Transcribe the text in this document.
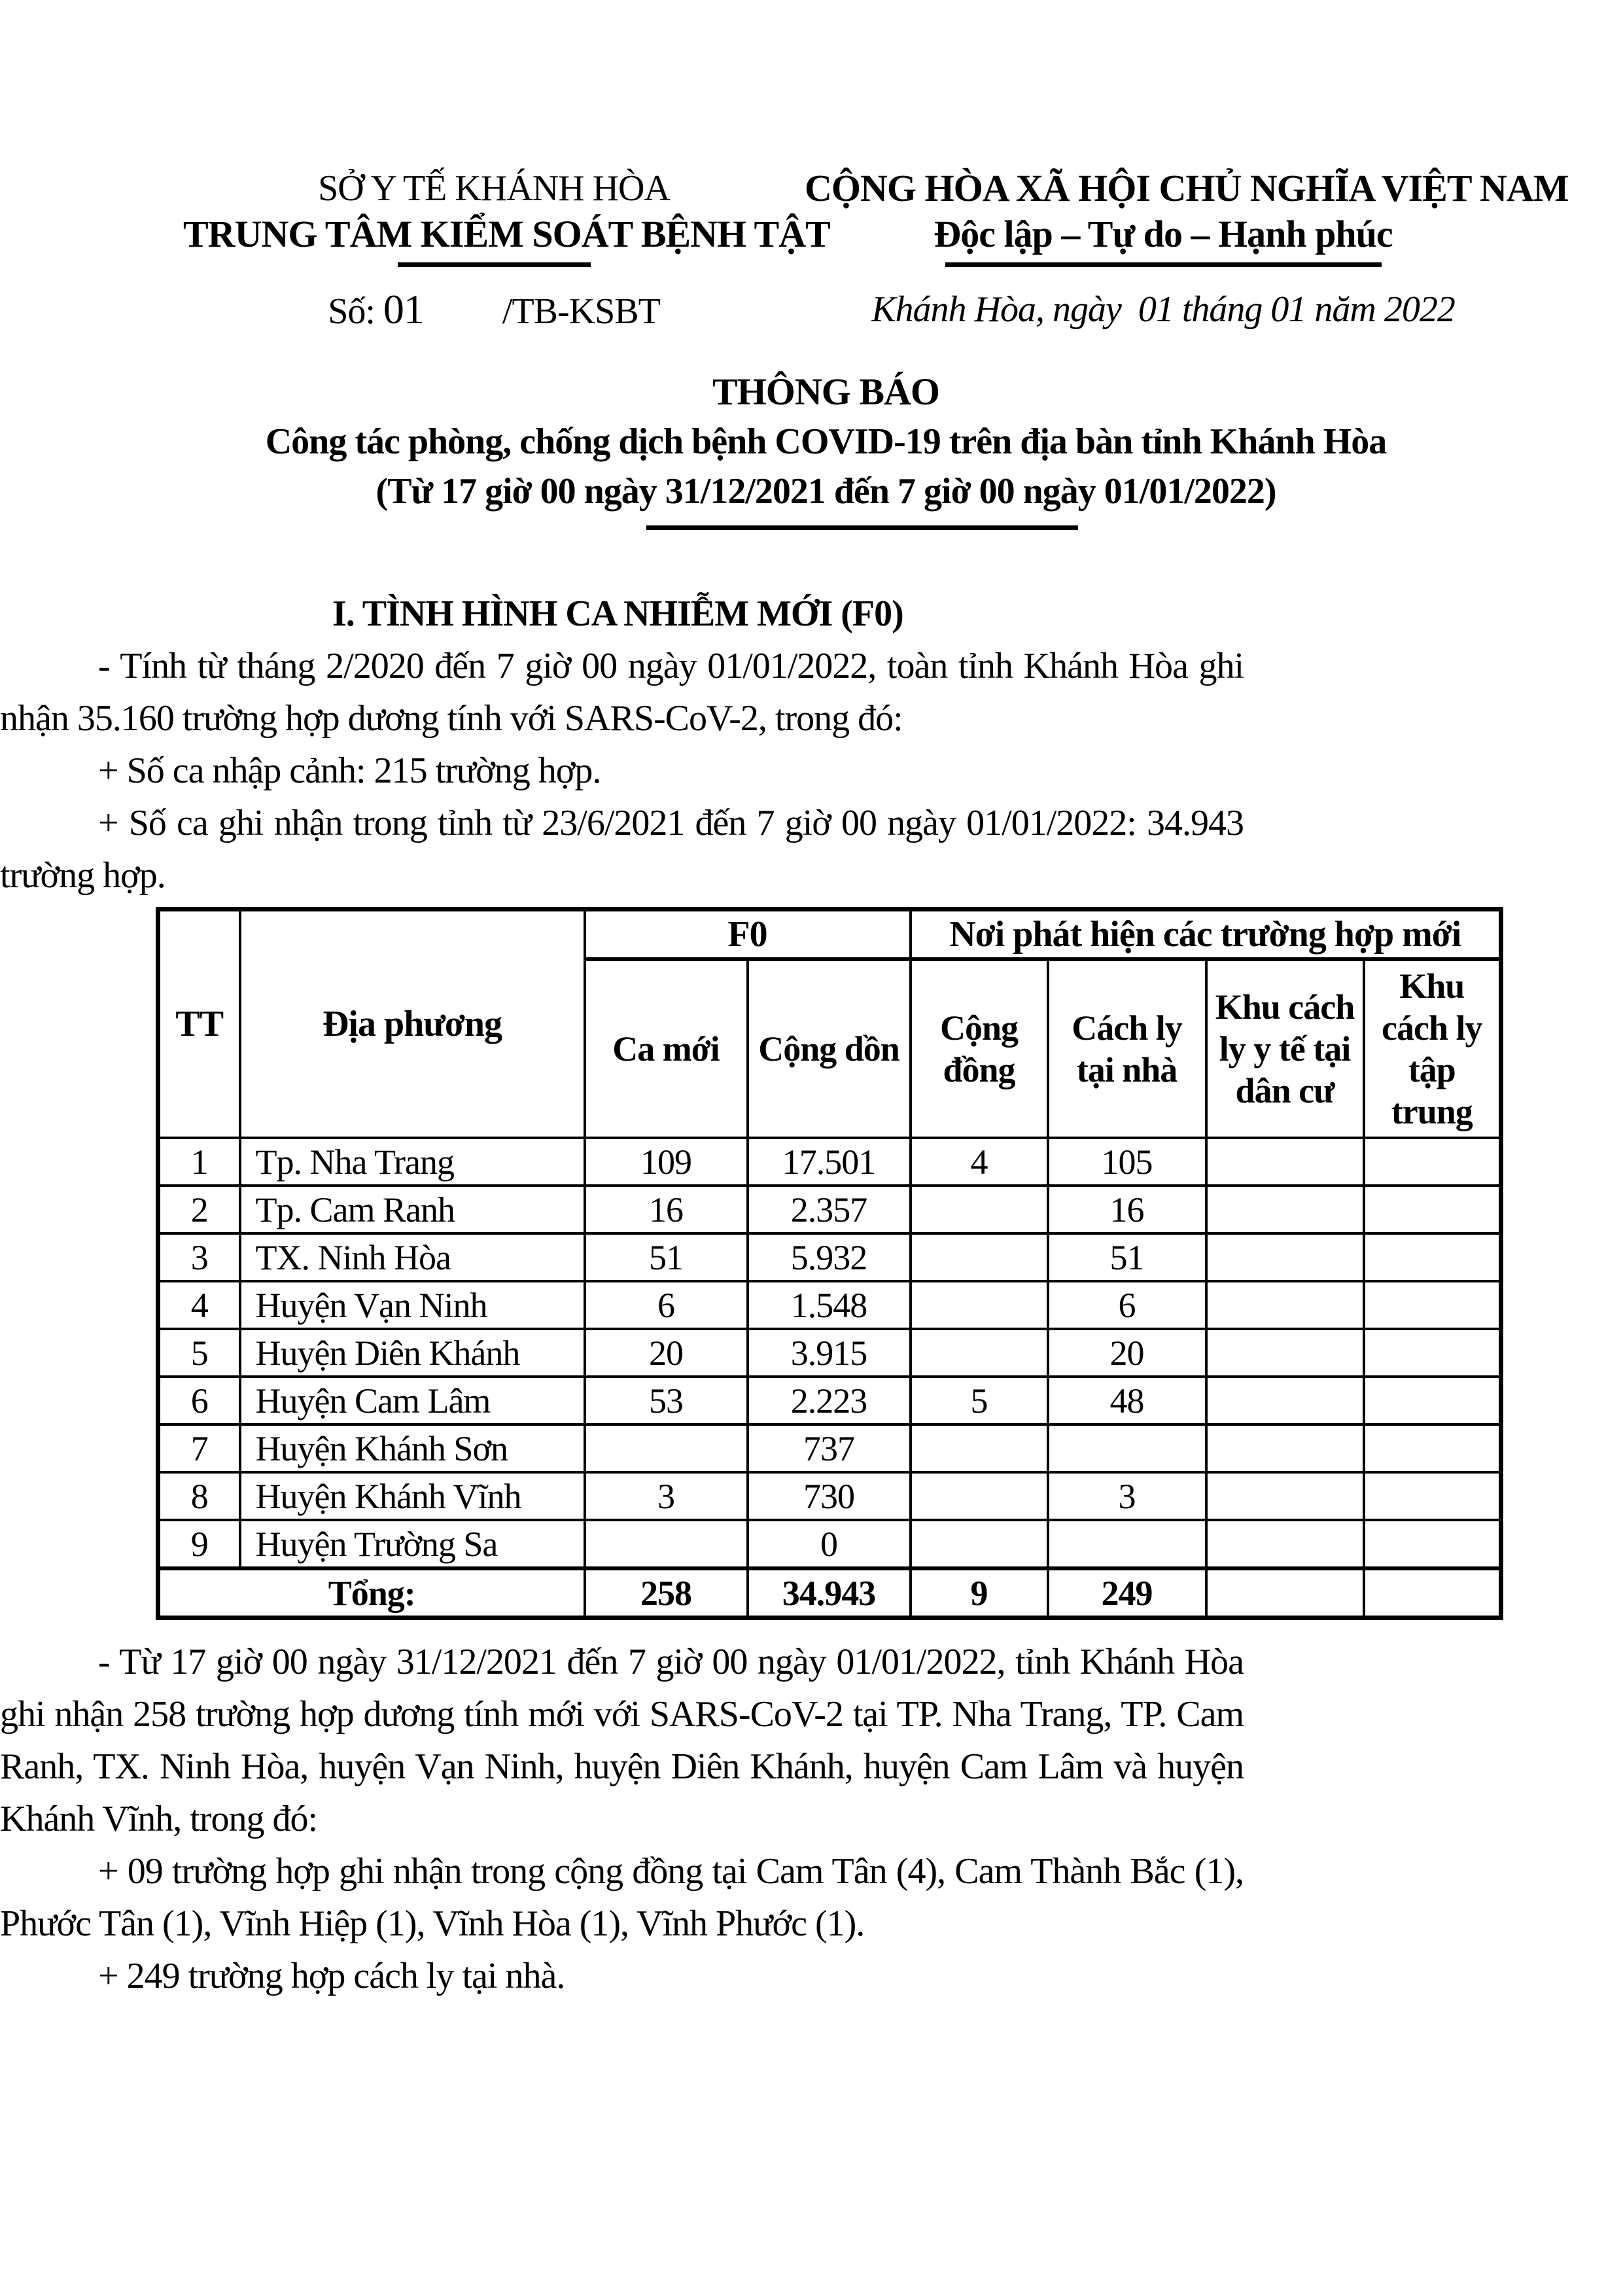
SỞ Y TẾ KHÁNH HÒA
TRUNG TÂM KIỂM SOÁT BỆNH TẬT
CỘNG HÒA XÃ HỘI CHỦ NGHĨA VIỆT NAM
Độc lập – Tự do – Hạnh phúc
Số: 01 /TB-KSBT	Khánh Hòa, ngày  01 tháng 01 năm 2022
THÔNG BÁO
Công tác phòng, chống dịch bệnh COVID-19 trên địa bàn tỉnh Khánh Hòa
(Từ 17 giờ 00 ngày 31/12/2021 đến 7 giờ 00 ngày 01/01/2022)
I. TÌNH HÌNH CA NHIỄM MỚI (F0)

- Tính từ tháng 2/2020 đến 7 giờ 00 ngày 01/01/2022, toàn tỉnh Khánh Hòa ghi nhận 35.160 trường hợp dương tính với SARS-CoV-2, trong đó:

+ Số ca nhập cảnh: 215 trường hợp.

+ Số ca ghi nhận trong tỉnh từ 23/6/2021 đến 7 giờ 00 ngày 01/01/2022: 34.943 trường hợp.

TT	Địa phương	F0		Nơi phát hiện các trường hợp mới			
		Ca mới	Cộng dồn	Cộng đồng	Cách ly tại nhà	Khu cách ly y tế tại dân cư	Khu cách ly tập trung
1	Tp. Nha Trang	109	17.501	4	105		
2	Tp. Cam Ranh	16	2.357		16		
3	TX. Ninh Hòa	51	5.932		51		
4	Huyện Vạn Ninh	6	1.548		6		
5	Huyện Diên Khánh	20	3.915		20		
6	Huyện Cam Lâm	53	2.223	5	48		
7	Huyện Khánh Sơn		737				
8	Huyện Khánh Vĩnh	3	730		3		
9	Huyện Trường Sa		0				
Tổng:		258	34.943	9	249		

- Từ 17 giờ 00 ngày 31/12/2021 đến 7 giờ 00 ngày 01/01/2022, tỉnh Khánh Hòa ghi nhận 258 trường hợp dương tính mới với SARS-CoV-2 tại TP. Nha Trang, TP. Cam Ranh, TX. Ninh Hòa, huyện Vạn Ninh, huyện Diên Khánh, huyện Cam Lâm và huyện Khánh Vĩnh, trong đó:

+ 09 trường hợp ghi nhận trong cộng đồng tại Cam Tân (4), Cam Thành Bắc (1), Phước Tân (1), Vĩnh Hiệp (1), Vĩnh Hòa (1), Vĩnh Phước (1).

+ 249 trường hợp cách ly tại nhà.
